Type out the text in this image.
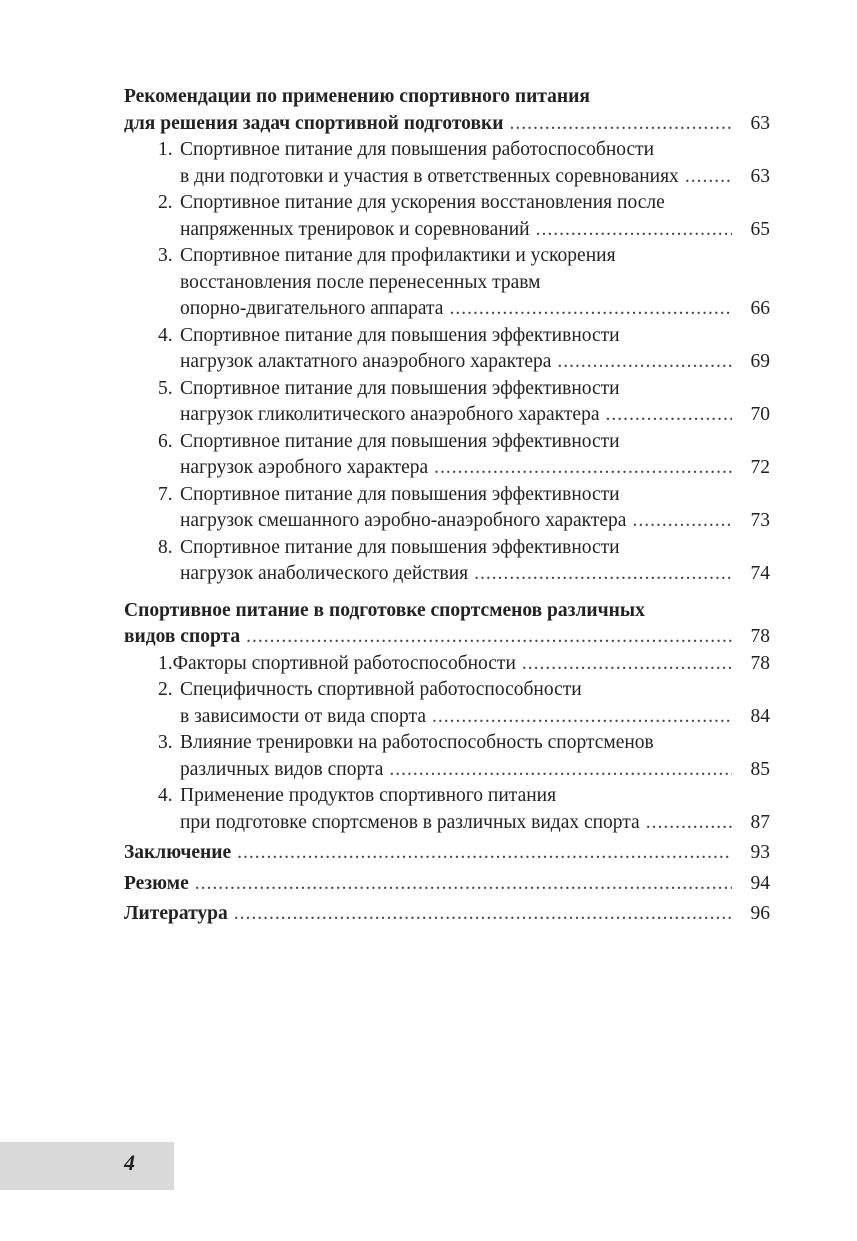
Рекомендации по применению спортивного питания
для решения задач спортивной подготовки .....	63
1. Спортивное питание для повышения работоспособности
в дни подготовки и участия в ответственных соревнованиях .....	63
2. Спортивное питание для ускорения восстановления после
напряженных тренировок и соревнований .....	65
3. Спортивное питание для профилактики и ускорения
восстановления после перенесенных травм
опорно-двигательного аппарата .....	66
4. Спортивное питание для повышения эффективности
нагрузок алактатного анаэробного характера .....	69
5. Спортивное питание для повышения эффективности
нагрузок гликолитического анаэробного характера .....	70
6. Спортивное питание для повышения эффективности
нагрузок аэробного характера .....	72
7. Спортивное питание для повышения эффективности
нагрузок смешанного аэробно-анаэробного характера .....	73
8. Спортивное питание для повышения эффективности
нагрузок анаболического действия .....	74
Спортивное питание в подготовке спортсменов различных
видов спорта .....	78
1. Факторы спортивной работоспособности .....	78
2. Специфичность спортивной работоспособности
в зависимости от вида спорта .....	84
3. Влияние тренировки на работоспособность спортсменов
различных видов спорта .....	85
4. Применение продуктов спортивного питания
при подготовке спортсменов в различных видах спорта .....	87
Заключение .....	93
Резюме .....	94
Литература .....	96
4
